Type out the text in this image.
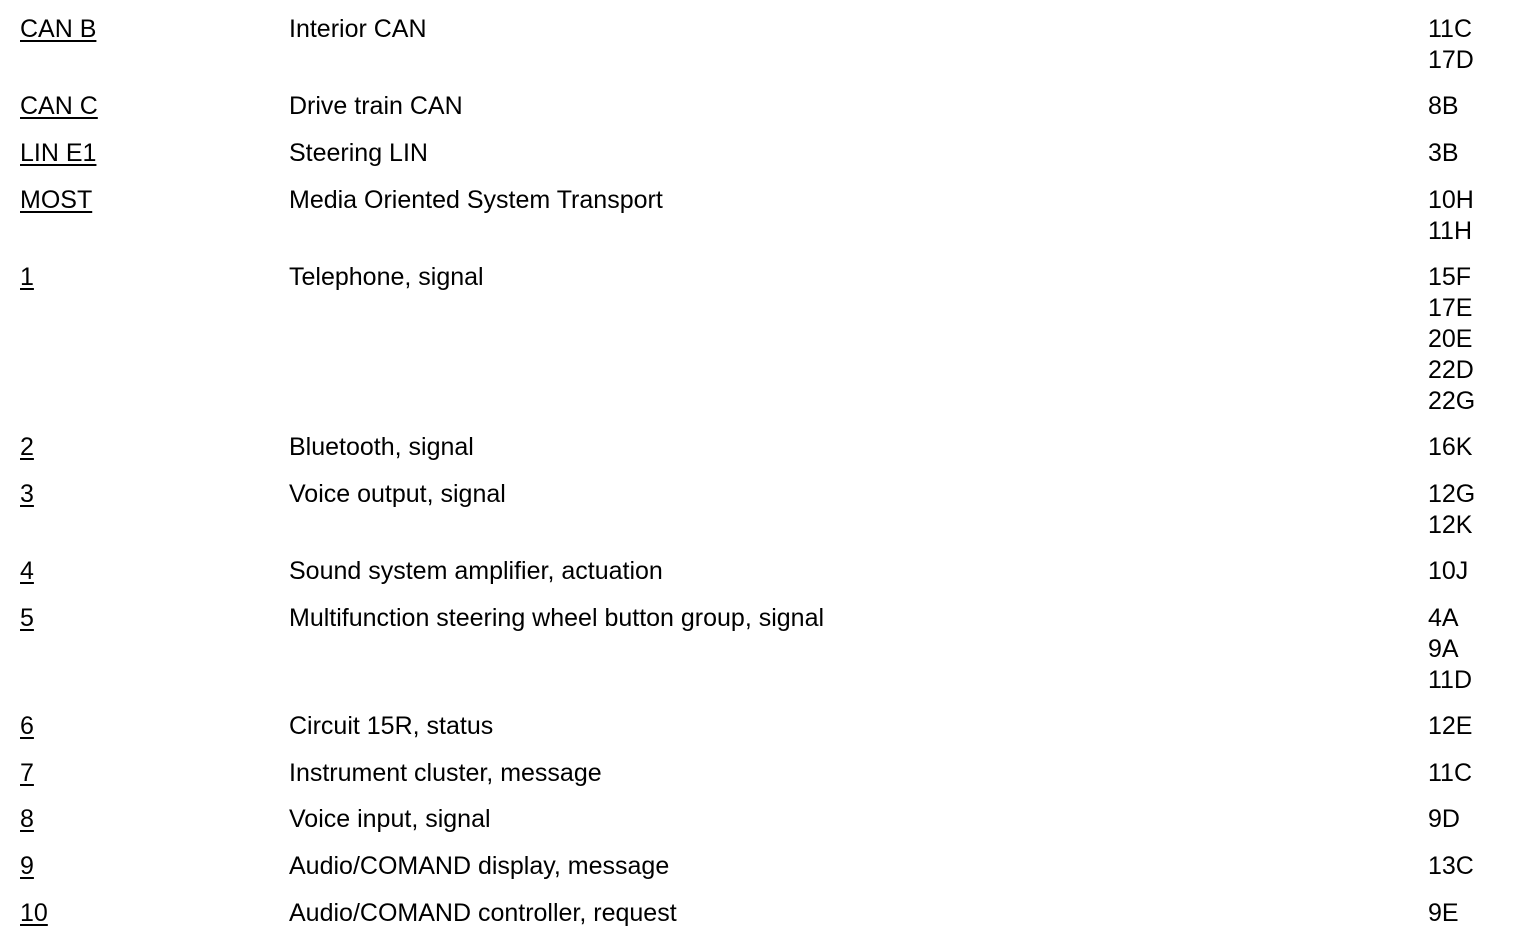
CAN B	Interior CAN	11C
17D
CAN C	Drive train CAN	8B
LIN E1	Steering LIN	3B
MOST	Media Oriented System Transport	10H
11H
1	Telephone, signal	15F
17E
20E
22D
22G
2	Bluetooth, signal	16K
3	Voice output, signal	12G
12K
4	Sound system amplifier, actuation	10J
5	Multifunction steering wheel button group, signal	4A
9A
11D
6	Circuit 15R, status	12E
7	Instrument cluster, message	11C
8	Voice input, signal	9D
9	Audio/COMAND display, message	13C
10	Audio/COMAND controller, request	9E
